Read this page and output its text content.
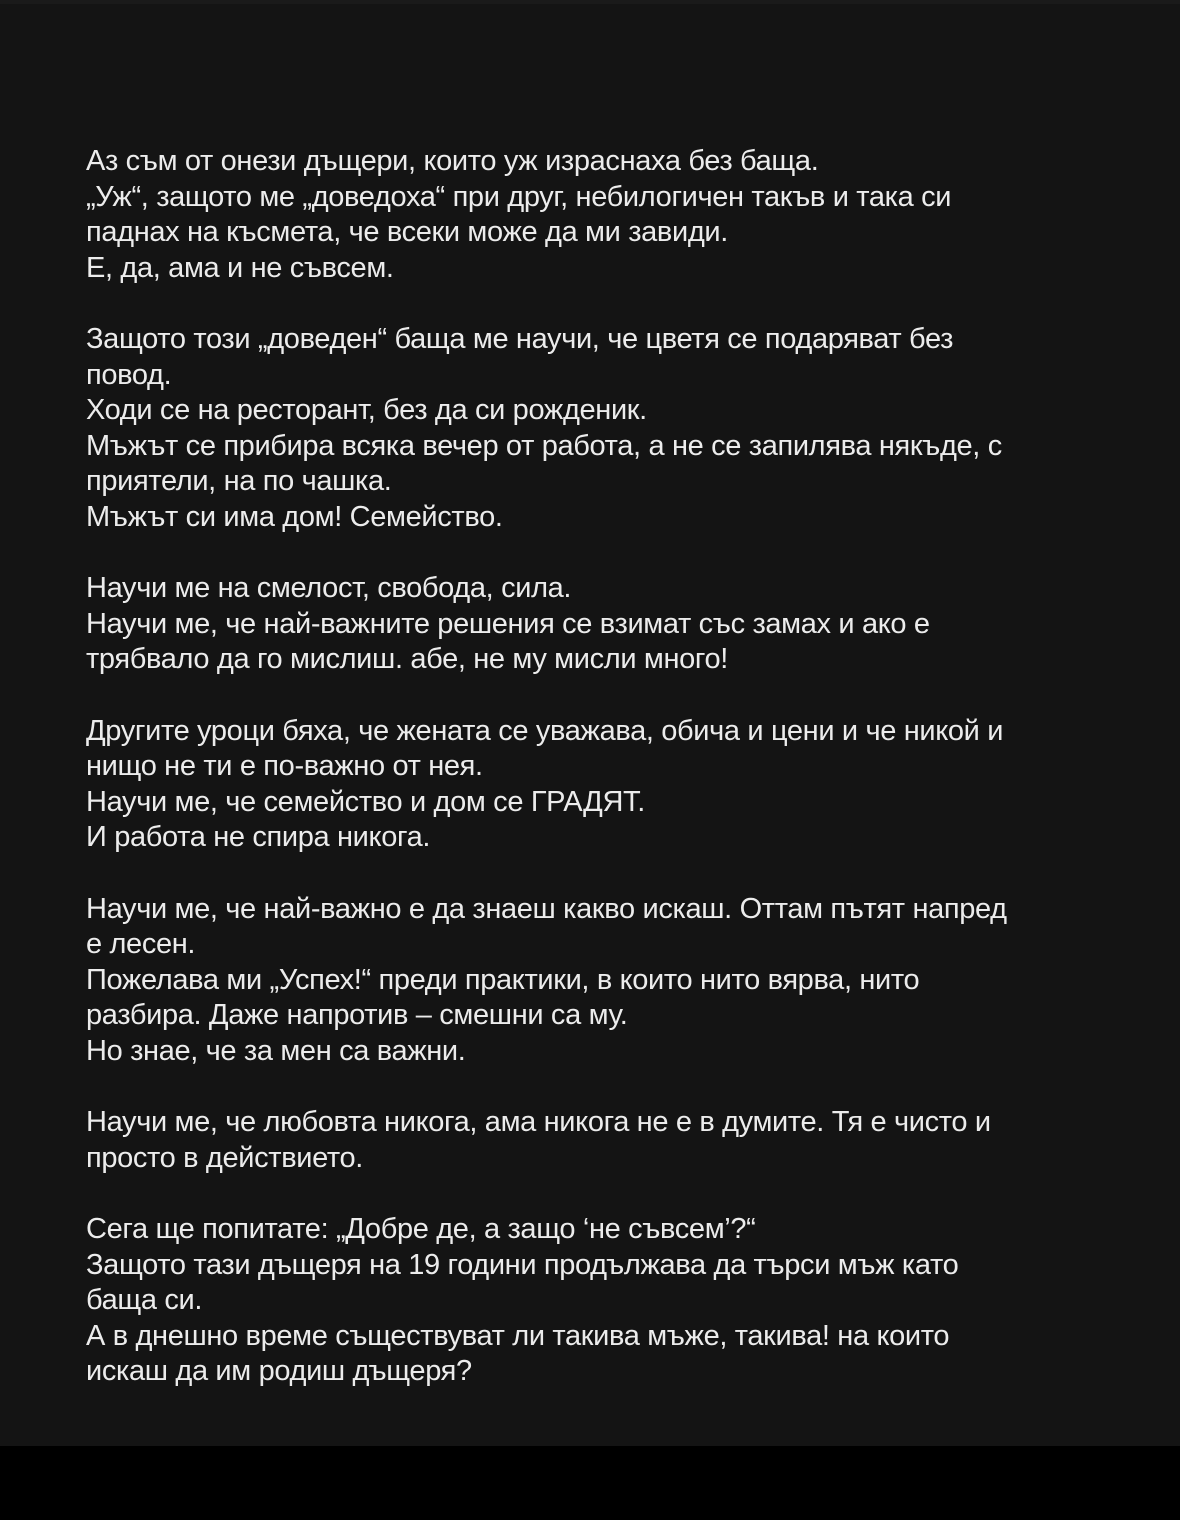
Аз съм от онези дъщери, които уж израснаха без баща.
„Уж“, защото ме „доведоха“ при друг, небилогичен такъв и така си
паднах на късмета, че всеки може да ми завиди.
Е, да, ама и не съвсем.
Защото този „доведен“ баща ме научи, че цветя се подаряват без
повод.
Ходи се на ресторант, без да си рожденик.
Мъжът се прибира всяка вечер от работа, а не се запилява някъде, с
приятели, на по чашка.
Мъжът си има дом! Семейство.
Научи ме на смелост, свобода, сила.
Научи ме, че най-важните решения се взимат със замах и ако е
трябвало да го мислиш. абе, не му мисли много!
Другите уроци бяха, че жената се уважава, обича и цени и че никой и
нищо не ти е по-важно от нея.
Научи ме, че семейство и дом се ГРАДЯТ.
И работа не спира никога.
Научи ме, че най-важно е да знаеш какво искаш. Оттам пътят напред
е лесен.
Пожелава ми „Успех!“ преди практики, в които нито вярва, нито
разбира. Даже напротив – смешни са му.
Но знае, че за мен са важни.
Научи ме, че любовта никога, ама никога не е в думите. Тя е чисто и
просто в действието.
Сега ще попитате: „Добре де, а защо ‘не съвсем’?“
Защото тази дъщеря на 19 години продължава да търси мъж като
баща си.
А в днешно време съществуват ли такива мъже, такива! на които
искаш да им родиш дъщеря?
